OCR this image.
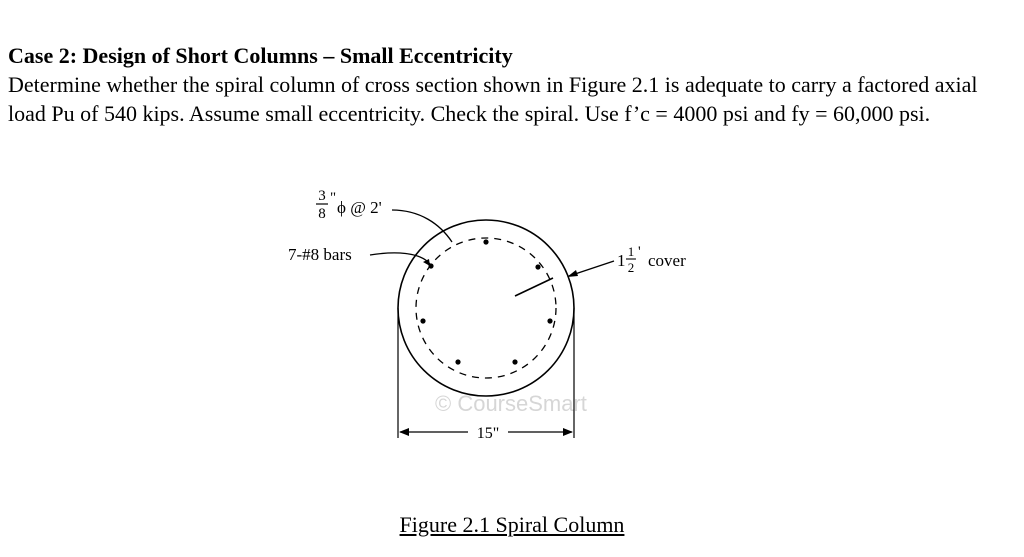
Case 2: Design of Short Columns – Small Eccentricity

Determine whether the spiral column of cross section shown in Figure 2.1 is adequate to carry a factored axial load Pu of 540 kips. Assume small eccentricity. Check the spiral. Use f’c = 4000 psi and fy = 60,000 psi.

© CourseSmart
3
8
" ϕ @ 2'
7-#8 bars	1 1
2
' cover
15"
Figure 2.1 Spiral Column
